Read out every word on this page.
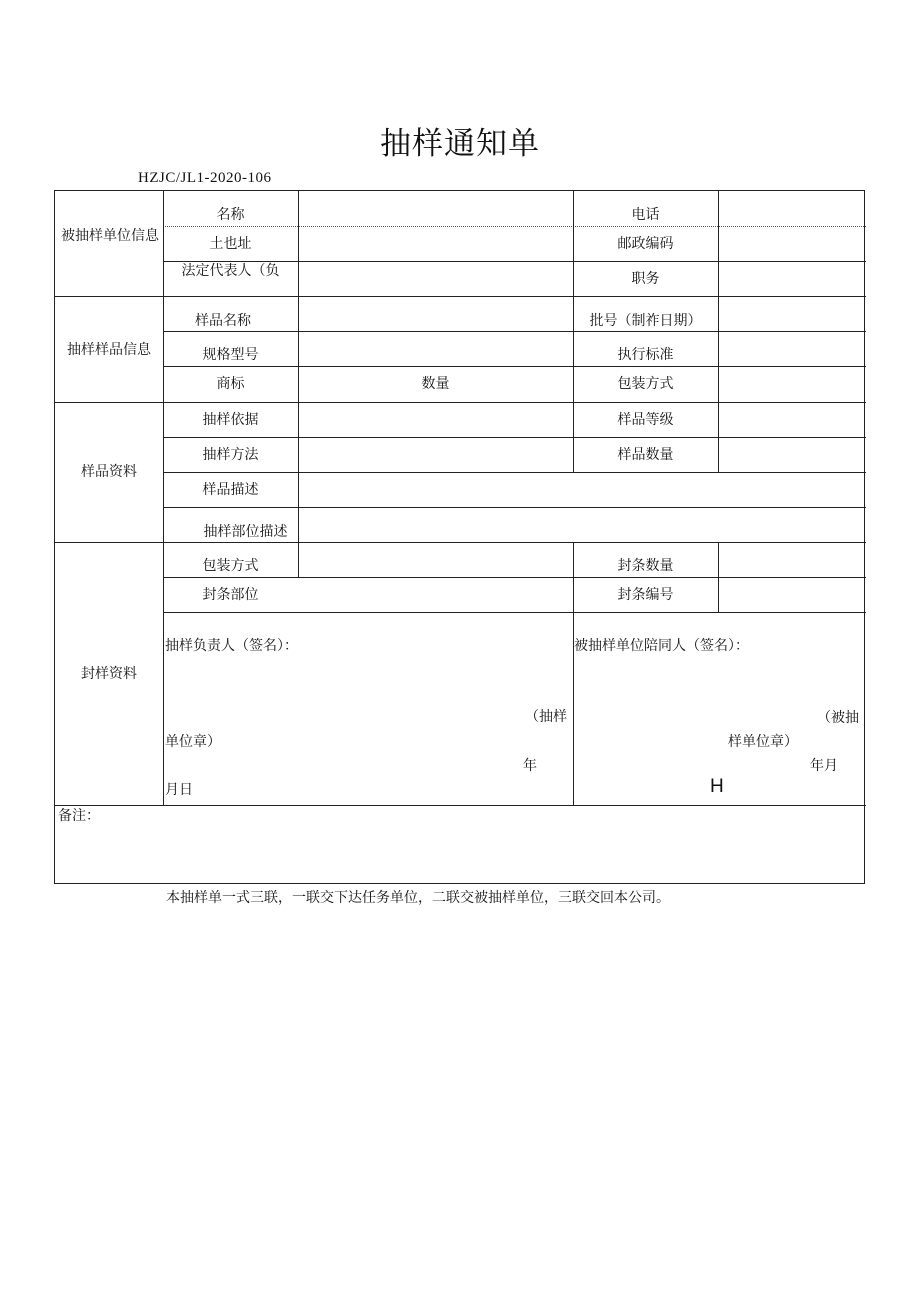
抽样通知单
HZJC/JL1-2020-106
被抽样单位信息
名称	电话
土也址	邮政编码
法定代表人（负	职务
抽样样品信息
样品名称	批号（制祚日期）
规格型号	执行标准
商标	数量	包装方式
样品资料
抽样依据	样品等级
抽样方法	样品数量
样品描述
抽样部位描述
封样资料
包装方式	封条数量
封条部位	封条编号
抽样负责人（签名）：
（抽样
单位章）
年
月日
被抽样单位陪同人（签名）：
（被抽
样单位章）
年月
H
备注：
本抽样单一式三联，一联交下达任务单位，二联交被抽样单位，三联交回本公司。
